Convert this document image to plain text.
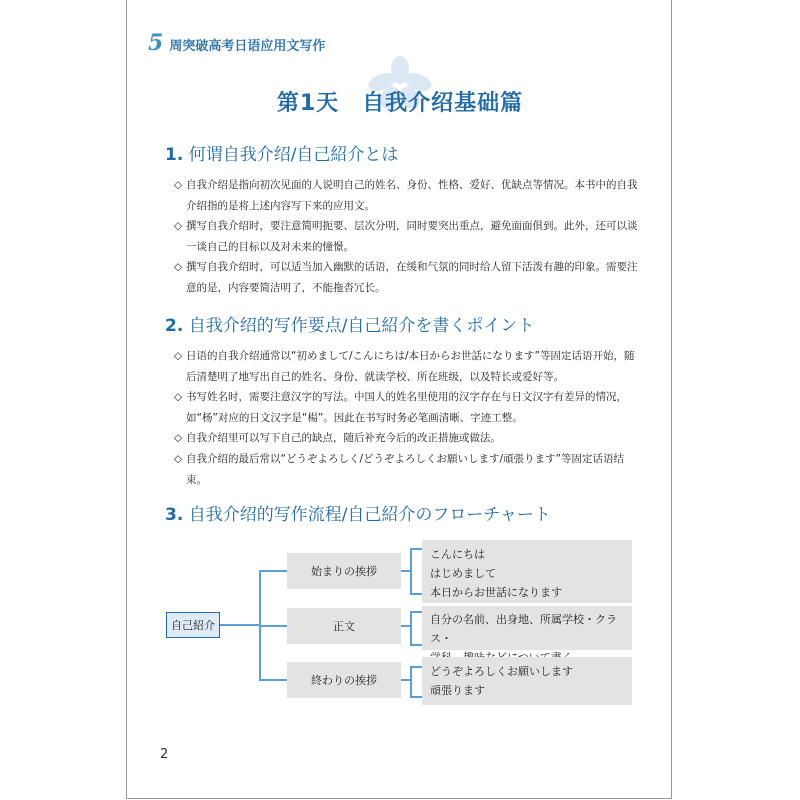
5 周突破高考日语应用文写作
第1天　自我介绍基础篇
1. 何谓自我介绍/自己紹介とは
◇ 自我介绍是指向初次见面的人说明自己的姓名、身份、性格、爱好、优缺点等情况。本书中的自我介绍指的是将上述内容写下来的应用文。
◇ 撰写自我介绍时，要注意简明扼要、层次分明，同时要突出重点，避免面面俱到。此外，还可以谈一谈自己的目标以及对未来的憧憬。
◇ 撰写自我介绍时，可以适当加入幽默的话语，在缓和气氛的同时给人留下活泼有趣的印象。需要注意的是，内容要简洁明了，不能拖沓冗长。
2. 自我介绍的写作要点/自己紹介を書くポイント
◇ 日语的自我介绍通常以“初めまして/こんにちは/本日からお世話になります”等固定话语开始，随后清楚明了地写出自己的姓名、身份、就读学校、所在班级，以及特长或爱好等。
◇ 书写姓名时，需要注意汉字的写法。中国人的姓名里使用的汉字存在与日文汉字有差异的情况，如“杨”对应的日文汉字是“楊”。因此在书写时务必笔画清晰、字迹工整。
◇ 自我介绍里可以写下自己的缺点，随后补充今后的改正措施或做法。
◇ 自我介绍的最后常以“どうぞよろしく/どうぞよろしくお願いします/頑張ります”等固定话语结束。
3. 自我介绍的写作流程/自己紹介のフローチャート
自己紹介
始まりの挨拶
正文
終わりの挨拶
こんにちは
はじめまして
本日からお世話になります
自分の名前、出身地、所属学校・クラス・
どうぞよろしくお願いします
頑張ります
2
